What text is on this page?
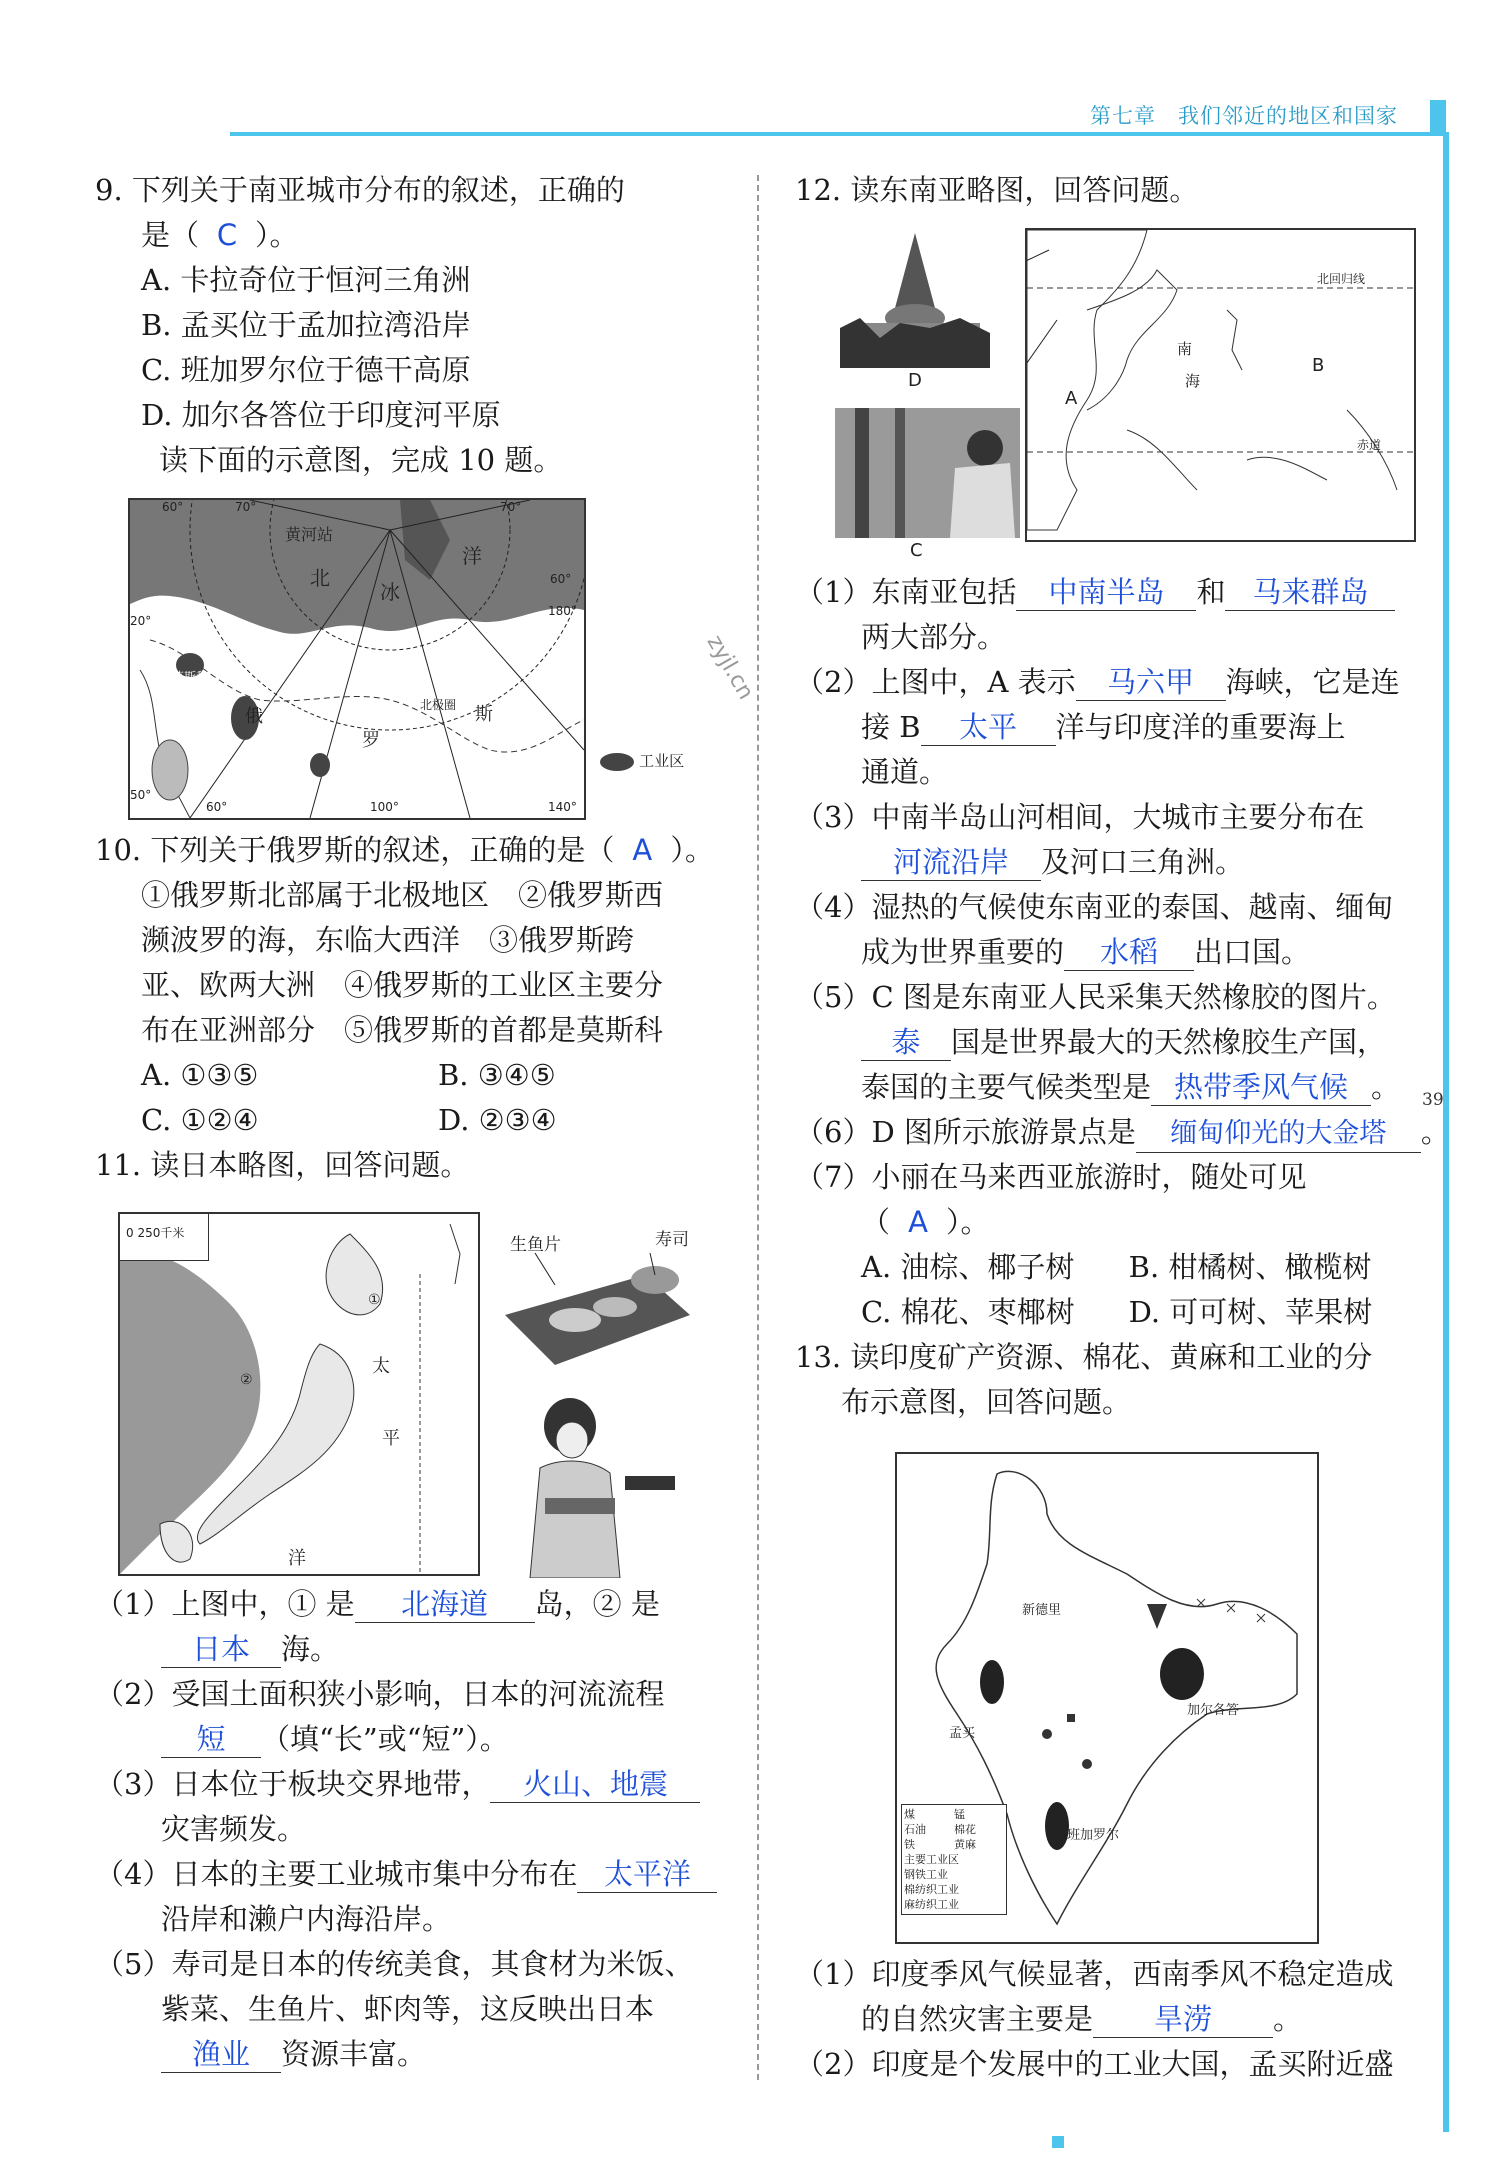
第七章　我们邻近的地区和国家
39
zyjl.cn
9. 下列关于南亚城市分布的叙述，正确的
是（ C ）。
A. 卡拉奇位于恒河三角洲
B. 孟买位于孟加拉湾沿岸
C. 班加罗尔位于德干高原
D. 加尔各答位于印度河平原
读下面的示意图，完成 10 题。
黄河站
北
冰
洋
莫斯科
俄
罗
斯
北极圈
60°	70°	70°
60°
180°
20°
50°
60°	100°	140°
工业区
10. 下列关于俄罗斯的叙述，正确的是（ A ）。
①俄罗斯北部属于北极地区　②俄罗斯西
濒波罗的海，东临大西洋　③俄罗斯跨
亚、欧两大洲　④俄罗斯的工业区主要分
布在亚洲部分　⑤俄罗斯的首都是莫斯科
A. ①③⑤	B. ③④⑤
C. ①②④	D. ②③④
11. 读日本略图，回答问题。
0 250千米
太
平
洋
①
②
生鱼片	寿司
（1）上图中，① 是 北海道 岛，② 是
日本 海。
（2）受国土面积狭小影响，日本的河流流程
短 （填“长”或“短”）。
（3）日本位于板块交界地带， 火山、地震
灾害频发。
（4）日本的主要工业城市集中分布在 太平洋
沿岸和濑户内海沿岸。
（5）寿司是日本的传统美食，其食材为米饭、
紫菜、生鱼片、虾肉等，这反映出日本
渔业 资源丰富。
12. 读东南亚略图，回答问题。
D
C
北回归线
赤道
B
A
南
海
（1）东南亚包括 中南半岛 和 马来群岛
两大部分。
（2）上图中，A 表示 马六甲 海峡，它是连
接 B 太平 洋与印度洋的重要海上
通道。
（3）中南半岛山河相间，大城市主要分布在
河流沿岸 及河口三角洲。
（4）湿热的气候使东南亚的泰国、越南、缅甸
成为世界重要的 水稻 出口国。
（5）C 图是东南亚人民采集天然橡胶的图片。
泰 国是世界最大的天然橡胶生产国，
泰国的主要气候类型是 热带季风气候 。
（6）D 图所示旅游景点是 缅甸仰光的大金塔 。
（7）小丽在马来西亚旅游时，随处可见
（ A ）。
A. 油棕、椰子树	B. 柑橘树、橄榄树
C. 棉花、枣椰树	D. 可可树、苹果树
13. 读印度矿产资源、棉花、黄麻和工业的分
布示意图，回答问题。
新德里
加尔各答
孟买
班加罗尔
煤	锰
石油	棉花
铁	黄麻
主要工业区
钢铁工业
棉纺织工业
麻纺织工业
（1）印度季风气候显著，西南季风不稳定造成
的自然灾害主要是 旱涝 。
（2）印度是个发展中的工业大国，孟买附近盛
